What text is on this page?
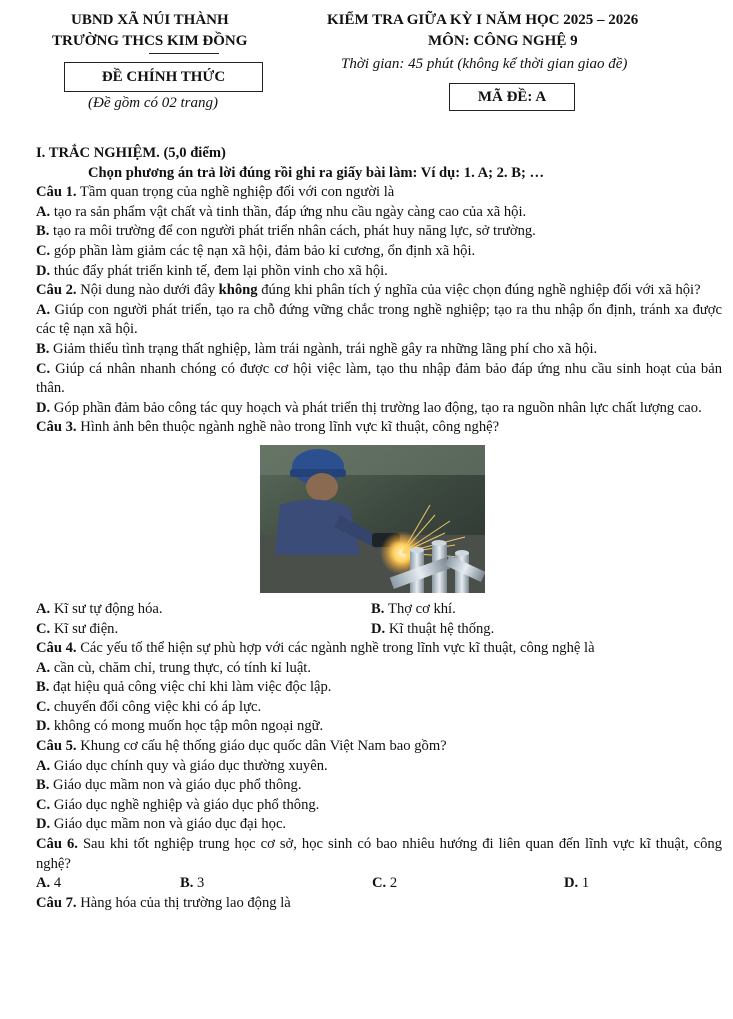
UBND XÃ NÚI THÀNH
TRƯỜNG THCS KIM ĐỒNG
ĐỀ CHÍNH THỨC
(Đề gồm có 02 trang)
KIỂM TRA GIỮA KỲ I NĂM HỌC 2025 – 2026
MÔN: CÔNG NGHỆ 9
Thời gian: 45 phút (không kể thời gian giao đề)
MÃ ĐỀ: A

I. TRẮC NGHIỆM. (5,0 điểm)

Chọn phương án trả lời đúng rồi ghi ra giấy bài làm: Ví dụ: 1. A; 2. B; …

Câu 1. Tầm quan trọng của nghề nghiệp đối với con người là

A. tạo ra sản phẩm vật chất và tinh thần, đáp ứng nhu cầu ngày càng cao của xã hội.

B. tạo ra môi trường để con người phát triển nhân cách, phát huy năng lực, sở trường.

C. góp phần làm giảm các tệ nạn xã hội, đảm bảo kỉ cương, ổn định xã hội.

D. thúc đẩy phát triển kinh tế, đem lại phồn vinh cho xã hội.

Câu 2. Nội dung nào dưới đây không đúng khi phân tích ý nghĩa của việc chọn đúng nghề nghiệp đối với xã hội?

A. Giúp con người phát triển, tạo ra chỗ đứng vững chắc trong nghề nghiệp; tạo ra thu nhập ổn định, tránh xa được các tệ nạn xã hội.

B. Giảm thiểu tình trạng thất nghiệp, làm trái ngành, trái nghề gây ra những lãng phí cho xã hội.

C. Giúp cá nhân nhanh chóng có được cơ hội việc làm, tạo thu nhập đảm bảo đáp ứng nhu cầu sinh hoạt của bản thân.

D. Góp phần đảm bảo công tác quy hoạch và phát triển thị trường lao động, tạo ra nguồn nhân lực chất lượng cao.

Câu 3. Hình ảnh bên thuộc ngành nghề nào trong lĩnh vực kĩ thuật, công nghệ?

A. Kĩ sư tự động hóa.	B. Thợ cơ khí.
C. Kĩ sư điện.	D. Kĩ thuật hệ thống.

Câu 4. Các yếu tố thể hiện sự phù hợp với các ngành nghề trong lĩnh vực kĩ thuật, công nghệ là

A. cần cù, chăm chỉ, trung thực, có tính kỉ luật.

B. đạt hiệu quả công việc chỉ khi làm việc độc lập.

C. chuyển đổi công việc khi có áp lực.

D. không có mong muốn học tập môn ngoại ngữ.

Câu 5. Khung cơ cấu hệ thống giáo dục quốc dân Việt Nam bao gồm?

A. Giáo dục chính quy và giáo dục thường xuyên.

B. Giáo dục mầm non và giáo dục phổ thông.

C. Giáo dục nghề nghiệp và giáo dục phổ thông.

D. Giáo dục mầm non và giáo dục đại học.

Câu 6. Sau khi tốt nghiệp trung học cơ sở, học sinh có bao nhiêu hướng đi liên quan đến lĩnh vực kĩ thuật, công nghệ?

A. 4	B. 3	C. 2	D. 1

Câu 7. Hàng hóa của thị trường lao động là
